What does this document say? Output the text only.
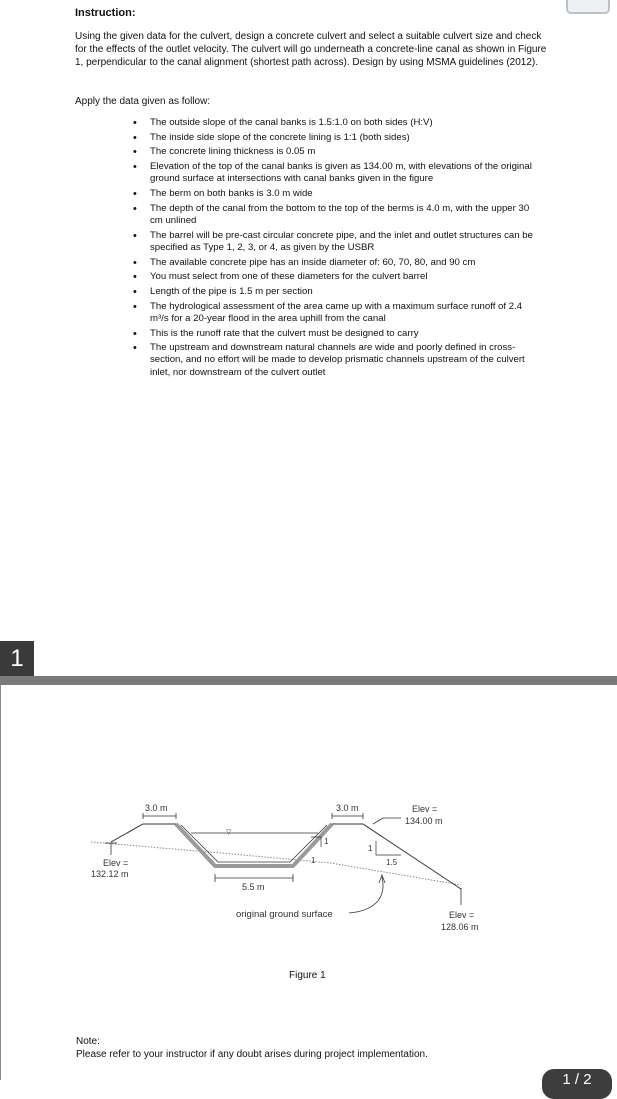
Instruction:
Using the given data for the culvert, design a concrete culvert and select a suitable culvert size and check for the effects of the outlet velocity. The culvert will go underneath a concrete-line canal as shown in Figure 1, perpendicular to the canal alignment (shortest path across). Design by using MSMA guidelines (2012).
Apply the data given as follow:
• The outside slope of the canal banks is 1.5:1.0 on both sides (H:V)
• The inside side slope of the concrete lining is 1:1 (both sides)
• The concrete lining thickness is 0.05 m
• Elevation of the top of the canal banks is given as 134.00 m, with elevations of the original ground surface at intersections with canal banks given in the figure
• The berm on both banks is 3.0 m wide
• The depth of the canal from the bottom to the top of the berms is 4.0 m, with the upper 30 cm unlined
• The barrel will be pre-cast circular concrete pipe, and the inlet and outlet structures can be specified as Type 1, 2, 3, or 4, as given by the USBR
• The available concrete pipe has an inside diameter of: 60, 70, 80, and 90 cm
• You must select from one of these diameters for the culvert barrel
• Length of the pipe is 1.5 m per section
• The hydrological assessment of the area came up with a maximum surface runoff of 2.4 m³/s for a 20-year flood in the area uphill from the canal
• This is the runoff rate that the culvert must be designed to carry
• The upstream and downstream natural channels are wide and poorly defined in cross-section, and no effort will be made to develop prismatic channels upstream of the culvert inlet, nor downstream of the culvert outlet
1
▽
3.0 m	3.0 m	Elev =
134.00 m
1
1
1
1.5
Elev =
132.12 m
5.5 m
Elev =
128.06 m
original ground surface
Figure 1
Note:
Please refer to your instructor if any doubt arises during project implementation.
1 / 2
